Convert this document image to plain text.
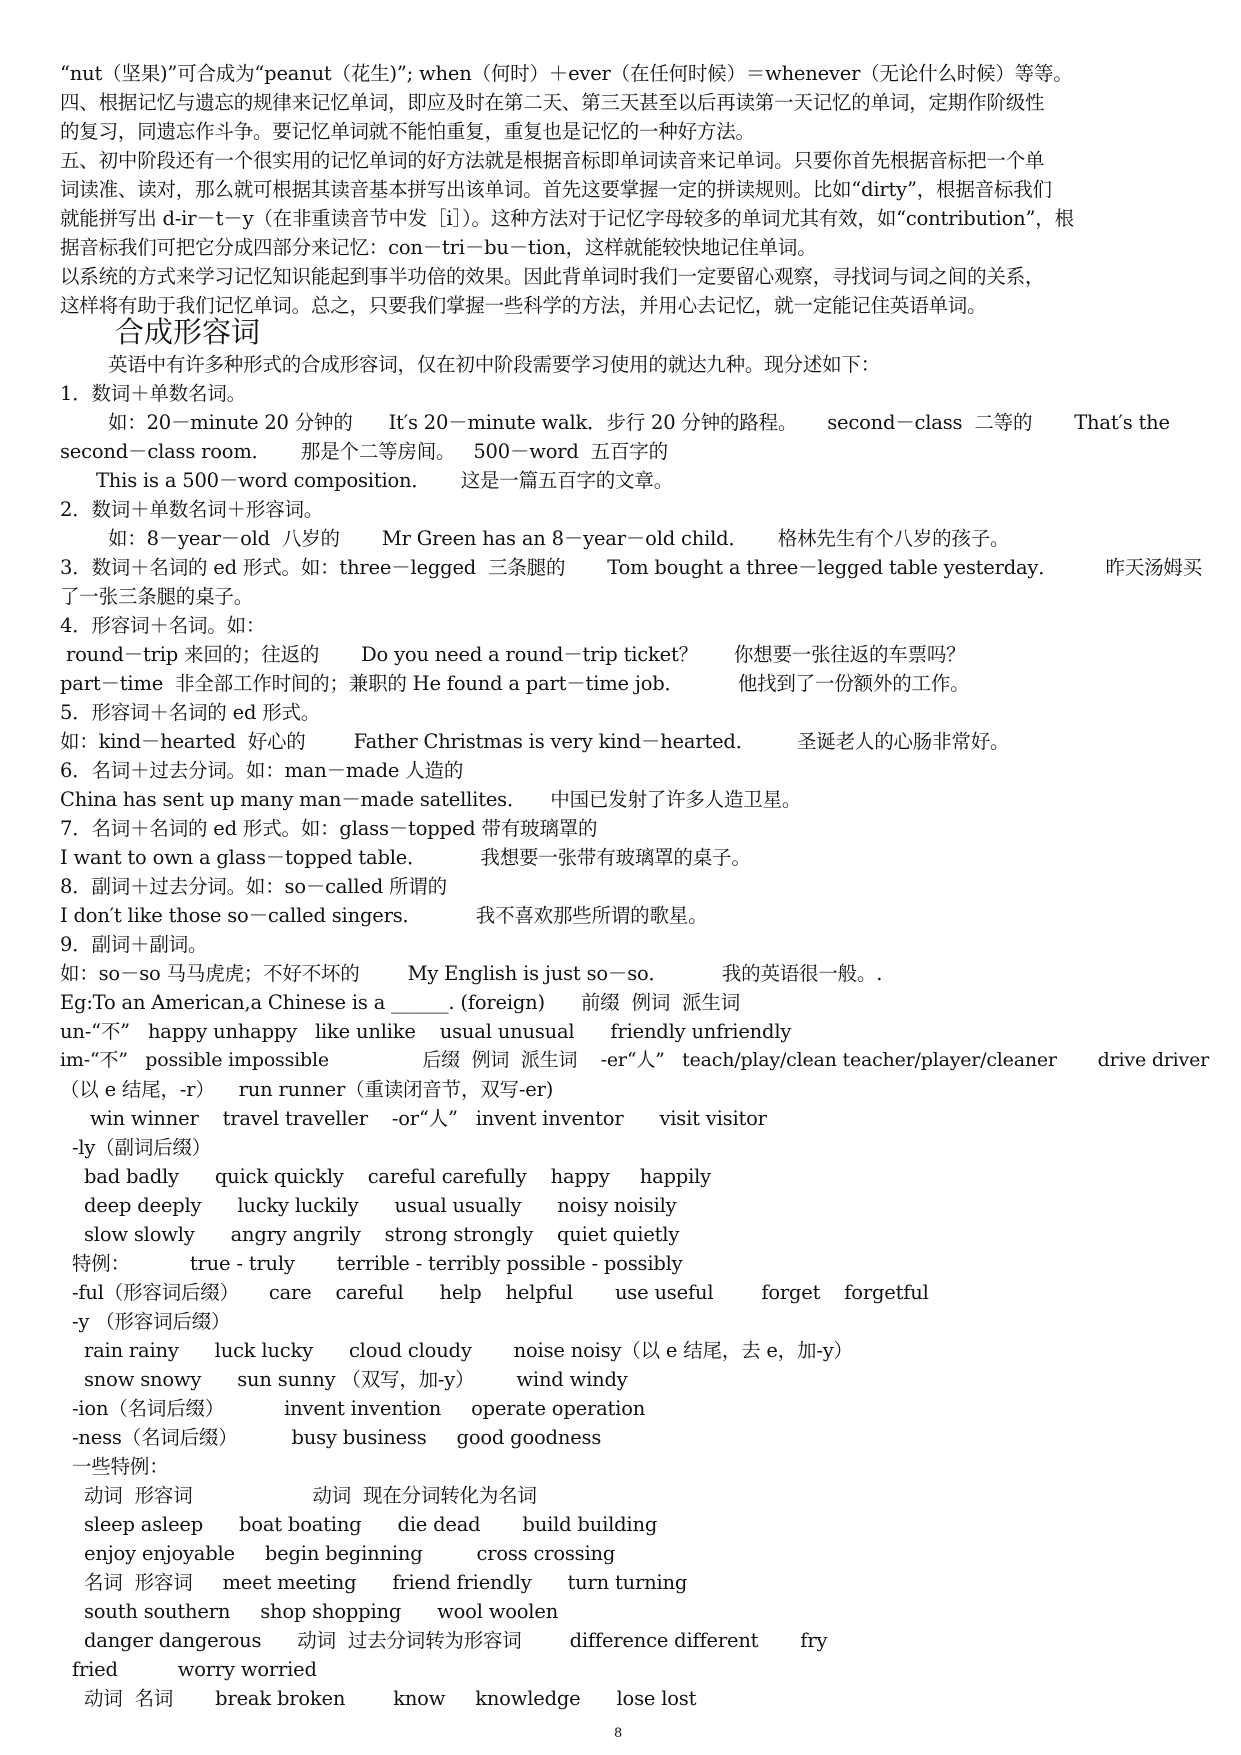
“nut（坚果)”可合成为“peanut（花生)”; when（何时）＋ever（在任何时候）＝whenever（无论什么时候）等等。
四、根据记忆与遗忘的规律来记忆单词，即应及时在第二天、第三天甚至以后再读第一天记忆的单词，定期作阶级性
的复习，同遗忘作斗争。要记忆单词就不能怕重复，重复也是记忆的一种好方法。
五、初中阶段还有一个很实用的记忆单词的好方法就是根据音标即单词读音来记单词。只要你首先根据音标把一个单
词读准、读对，那么就可根据其读音基本拼写出该单词。首先这要掌握一定的拼读规则。比如“dirty”，根据音标我们
就能拼写出 d-ir－t－y（在非重读音节中发［i］）。这种方法对于记忆字母较多的单词尤其有效，如“contribution”，根
据音标我们可把它分成四部分来记忆：con－tri－bu－tion，这样就能较快地记住单词。
以系统的方式来学习记忆知识能起到事半功倍的效果。因此背单词时我们一定要留心观察，寻找词与词之间的关系，
这样将有助于我们记忆单词。总之，只要我们掌握一些科学的方法，并用心去记忆，就一定能记住英语单词。
合成形容词
英语中有许多种形式的合成形容词，仅在初中阶段需要学习使用的就达九种。现分述如下：
1．数词＋单数名词。
如：20－minute 20 分钟的      It′s 20－minute walk．步行 20 分钟的路程。     second－class  二等的       That′s the
second－class room．     那是个二等房间。   500－word  五百字的
This is a 500－word composition．     这是一篇五百字的文章。
2．数词＋单数名词＋形容词。
如：8－year－old  八岁的       Mr Green has an 8－year－old child．     格林先生有个八岁的孩子。
3．数词＋名词的 ed 形式。如：three－legged  三条腿的       Tom bought a three－legged table yesterday．        昨天汤姆买
了一张三条腿的桌子。
4．形容词＋名词。如：
round－trip 来回的；往返的       Do you need a round－trip ticket？      你想要一张往返的车票吗？
part－time  非全部工作时间的；兼职的 He found a part－time job．         他找到了一份额外的工作。
5．形容词＋名词的 ed 形式。
如：kind－hearted  好心的        Father Christmas is very kind－hearted．       圣诞老人的心肠非常好。
6．名词＋过去分词。如：man－made 人造的
China has sent up many man－made satellites．    中国已发射了许多人造卫星。
7．名词＋名词的 ed 形式。如：glass－topped 带有玻璃罩的
I want to own a glass－topped table．         我想要一张带有玻璃罩的桌子。
8．副词＋过去分词。如：so－called 所谓的
I don′t like those so－called singers．         我不喜欢那些所谓的歌星。
9．副词＋副词。
如：so－so 马马虎虎；不好不坏的        My English is just so－so．         我的英语很一般。.
Eg:To an American,a Chinese is a ______. (foreign)      前缀  例词  派生词
un-“不”   happy unhappy   like unlike    usual unusual      friendly unfriendly
im-“不”   possible impossible                后缀  例词  派生词    -er“人”   teach/play/clean teacher/player/cleaner       drive driver
（以 e 结尾，-r）    run runner（重读闭音节，双写-er)
win winner    travel traveller    -or“人”   invent inventor      visit visitor
-ly（副词后缀）
bad badly      quick quickly    careful carefully    happy     happily
deep deeply      lucky luckily      usual usually      noisy noisily
slow slowly      angry angrily    strong strongly    quiet quietly
特例：          true - truly       terrible - terribly possible - possibly
-ful（形容词后缀）     care    careful      help    helpful       use useful        forget    forgetful
-y （形容词后缀）
rain rainy      luck lucky      cloud cloudy       noise noisy（以 e 结尾，去 e，加-y）
snow snowy      sun sunny （双写，加-y）       wind windy
-ion（名词后缀）          invent invention     operate operation
-ness（名词后缀）         busy business     good goodness
一些特例：
动词  形容词                    动词  现在分词转化为名词
sleep asleep      boat boating      die dead       build building
enjoy enjoyable     begin beginning         cross crossing
名词  形容词     meet meeting      friend friendly      turn turning
south southern     shop shopping      wool woolen
danger dangerous      动词  过去分词转为形容词        difference different       fry
fried          worry worried
动词  名词       break broken        know     knowledge      lose lost
8
